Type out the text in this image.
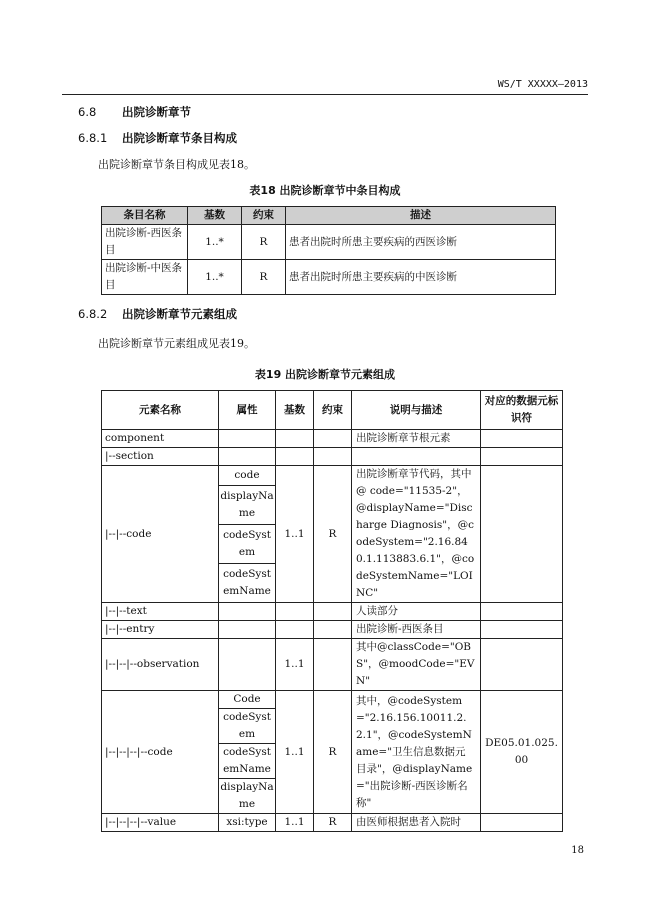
WS/T XXXXX—2013
6.8 出院诊断章节
6.8.1 出院诊断章节条目构成
出院诊断章节条目构成见表18。
表18 出院诊断章节中条目构成
条目名称	基数	约束	描述
出院诊断-西医条目	1..*	R	患者出院时所患主要疾病的西医诊断
出院诊断-中医条目	1..*	R	患者出院时所患主要疾病的中医诊断
6.8.2 出院诊断章节元素组成
出院诊断章节元素组成见表19。
表19 出院诊断章节元素组成
元素名称	属性	基数	约束	说明与描述	对应的数据元标识符
component				出院诊断章节根元素	
|--section					
|--|--code	code	1..1	R	出院诊断章节代码，其中@ code="11535-2"，@displayName="Discharge Diagnosis"，@codeSystem="2.16.840.1.113883.6.1"，@codeSystemName="LOINC"	
	displayName				
	codeSystem				
	codeSystemName				
|--|--text				人读部分	
|--|--entry				出院诊断-西医条目	
|--|--|--observation		1..1		其中@classCode="OBS"，@moodCode="EVN"	
|--|--|--|--code	Code	1..1	R	其中，@codeSystem="2.16.156.10011.2.2.1"，@codeSystemName="卫生信息数据元目录"，@displayName="出院诊断-西医诊断名称"	DE05.01.025.00
	codeSystem				
	codeSystemName				
	displayName				
|--|--|--|--value	xsi:type	1..1	R	由医师根据患者入院时	
18
